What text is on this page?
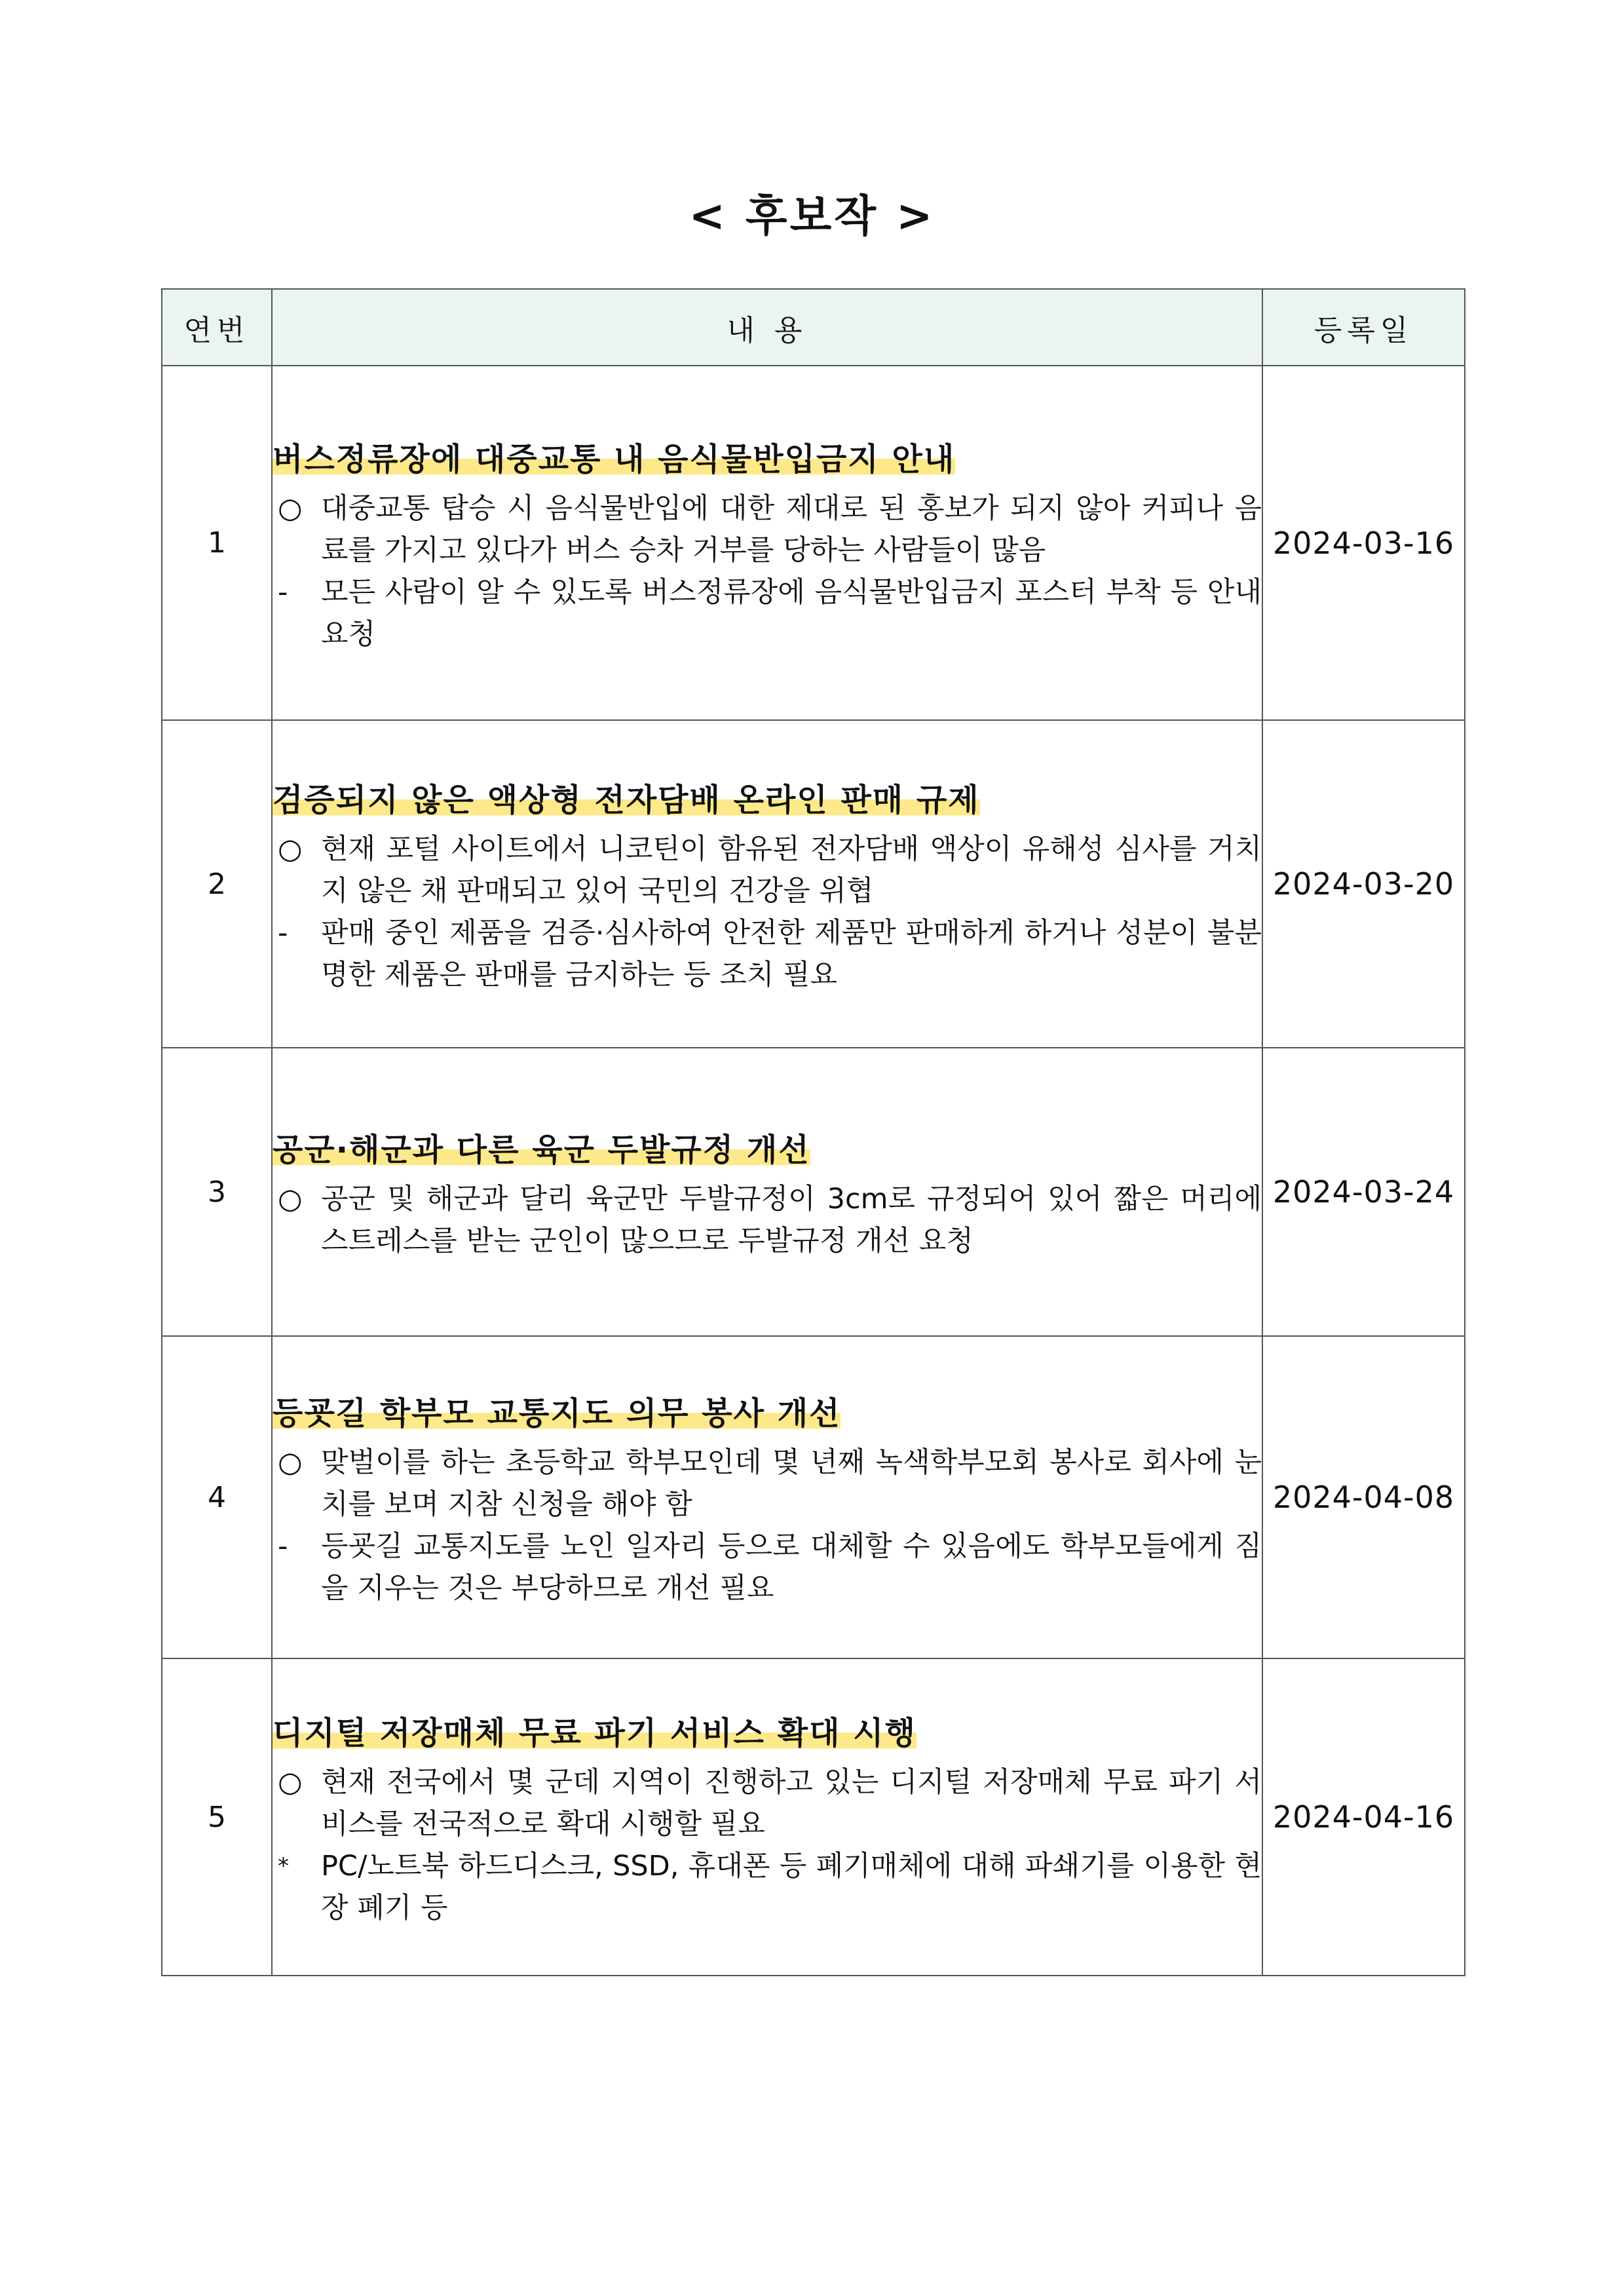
< 후보작 >
연번	내 용	등록일
1	버스정류장에 대중교통 내 음식물반입금지 안내
○ 대중교통 탑승 시 음식물반입에 대한 제대로 된 홍보가 되지 않아 커피나 음료를 가지고 있다가 버스 승차 거부를 당하는 사람들이 많음
- 모든 사람이 알 수 있도록 버스정류장에 음식물반입금지 포스터 부착 등 안내 요청	2024-03-16
2	검증되지 않은 액상형 전자담배 온라인 판매 규제
○ 현재 포털 사이트에서 니코틴이 함유된 전자담배 액상이 유해성 심사를 거치지 않은 채 판매되고 있어 국민의 건강을 위협
- 판매 중인 제품을 검증·심사하여 안전한 제품만 판매하게 하거나 성분이 불분명한 제품은 판매를 금지하는 등 조치 필요	2024-03-20
3	공군·해군과 다른 육군 두발규정 개선
○ 공군 및 해군과 달리 육군만 두발규정이 3cm로 규정되어 있어 짧은 머리에 스트레스를 받는 군인이 많으므로 두발규정 개선 요청	2024-03-24
4	등굣길 학부모 교통지도 의무 봉사 개선
○ 맞벌이를 하는 초등학교 학부모인데 몇 년째 녹색학부모회 봉사로 회사에 눈치를 보며 지참 신청을 해야 함
- 등굣길 교통지도를 노인 일자리 등으로 대체할 수 있음에도 학부모들에게 짐을 지우는 것은 부당하므로 개선 필요	2024-04-08
5	디지털 저장매체 무료 파기 서비스 확대 시행
○ 현재 전국에서 몇 군데 지역이 진행하고 있는 디지털 저장매체 무료 파기 서비스를 전국적으로 확대 시행할 필요
* PC/노트북 하드디스크, SSD, 휴대폰 등 폐기매체에 대해 파쇄기를 이용한 현장 폐기 등	2024-04-16
